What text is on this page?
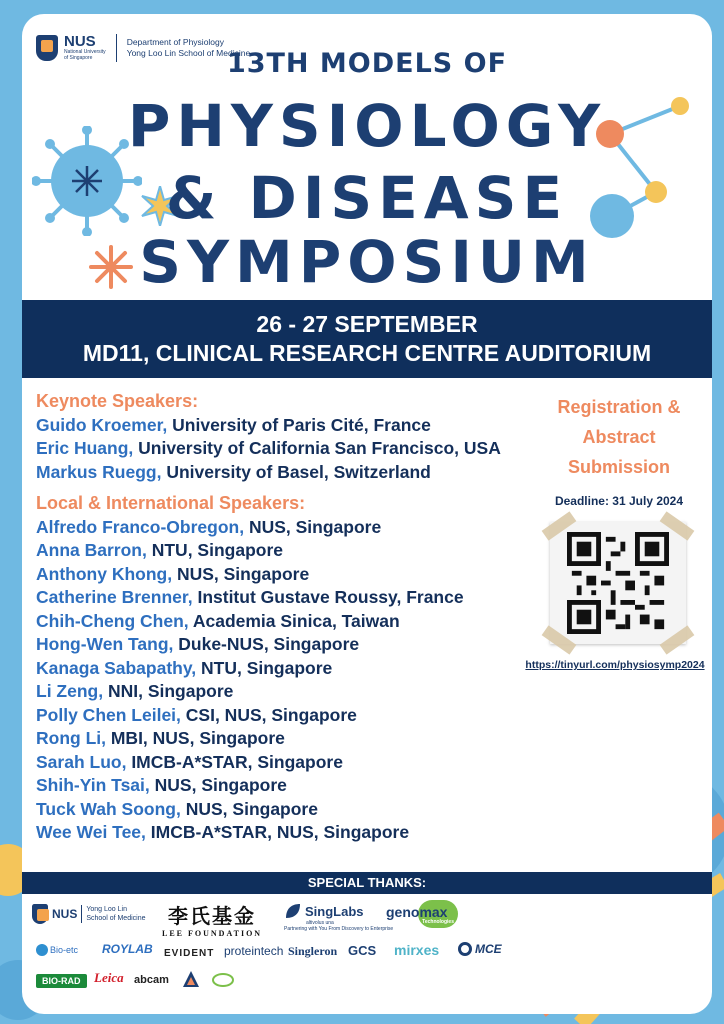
NUS
National University
of Singapore
Department of Physiology
Yong Loo Lin School of Medicine
13TH MODELS OF
PHYSIOLOGY
& DISEASE
SYMPOSIUM
26 - 27 SEPTEMBER
MD11, CLINICAL RESEARCH CENTRE AUDITORIUM
Keynote Speakers:
Guido Kroemer, University of Paris Cité, France
Eric Huang, University of California San Francisco, USA
Markus Ruegg, University of Basel, Switzerland
Local & International Speakers:
Alfredo Franco-Obregon, NUS, Singapore
Anna Barron, NTU, Singapore
Anthony Khong, NUS, Singapore
Catherine Brenner, Institut Gustave Roussy, France
Chih-Cheng Chen, Academia Sinica, Taiwan
Hong-Wen Tang, Duke-NUS, Singapore
Kanaga Sabapathy, NTU, Singapore
Li Zeng, NNI, Singapore
Polly Chen Leilei, CSI, NUS, Singapore
Rong Li, MBI, NUS, Singapore
Sarah Luo, IMCB-A*STAR, Singapore
Shih-Yin Tsai, NUS, Singapore
Tuck Wah Soong, NUS, Singapore
Wee Wei Tee, IMCB-A*STAR, NUS, Singapore
Registration &
Abstract
Submission
Deadline: 31 July 2024
https://tinyurl.com/physiosymp2024
SPECIAL THANKS:
NUS Yong Loo Lin School of Medicine	李氏基金
LEE FOUNDATION
SingLabs
altivolus una
Partnering with You From Discovery to Enterprise
genomax
Technologies
Bio-etc ROYLAB EVIDENT proteintech Singleron GCS mirxes	MCE
BIO-RAD	Leica abcam
